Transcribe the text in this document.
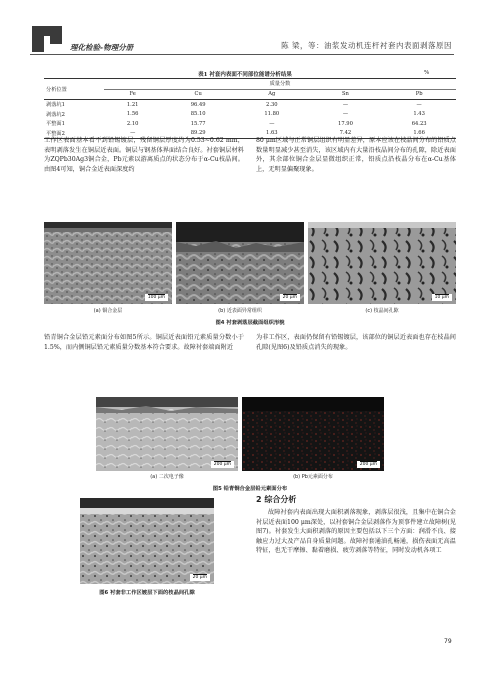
理化检验-物理分册	陈 梁，等：油浆发动机连杆衬套内表面剥落原因
表1 衬套内表面不同部位能谱分析结果	%
分析位置	质量分数				
	Fe	Cu	Ag	Sn	Pb
剥落坑1	1.21	96.49	2.30	—	—
剥落坑2	1.56	85.10	11.80	—	1.43
平整面1	2.10	15.77	—	17.90	64.23
平整面2	—	89.29	1.63	7.42	1.66
工作区表面基本看不到铅锡镀层，残留铜层厚度约为0.53~0.62 mm，表明剥落发生在铜层近表面。铜层与钢基体界面结合良好。衬套铜层材料为ZQPb30Ag3铜合金，Pb元素以游离质点的状态分布于α-Cu枝晶间。由图4可知，铜合金近表面深度约
80 μm区域与正常铜层组织有明显差异，原本应该在枝晶间分布的铅质点数量明显减少甚至消失，该区域内有大量沿枝晶间分布的孔隙，除近表面外，其余部位铜合金层显微组织正常，铅质点沿枝晶分布在α-Cu基体上，无明显偏聚现象。
100 μm	20 μm	10 μm
(a) 铜合金层	(b) 近表面异常组织	(c) 枝晶间孔隙
图4 衬套剥落层截面组织形貌
铅青铜合金层铅元素面分布如图5所示。铜层近表面铅元素质量分数小于1.5%，而内侧铜层铅元素质量分数基本符合要求。故障衬套端面附近
为非工作区，表面仍保留有铅锡镀层，该部位的铜层近表面也存在枝晶间孔隙(见图6)及铅质点消失的现象。
200 μm	200 μm
(a) 二次电子像	(b) Pb元素面分布
图5 铅青铜合金层铅元素面分布
20 μm
图6 衬套非工作区镀层下面的枝晶间孔隙
2 综合分析
故障衬套内表面出现大面积剥落现象，剥落层很浅，且集中在铜合金衬层近表面100 μm深处，以衬套铜合金层剥落作为顶事件建立故障树(见图7)。衬套发生大面积剥落的原因主要包括以下三个方面：润滑不良、接触应力过大及产品自身质量问题。故障衬套通油孔畅通，损伤表面无高温特征，也无干摩擦、黏着磨损、疲劳剥落等特征，同时发动机各项工
79
